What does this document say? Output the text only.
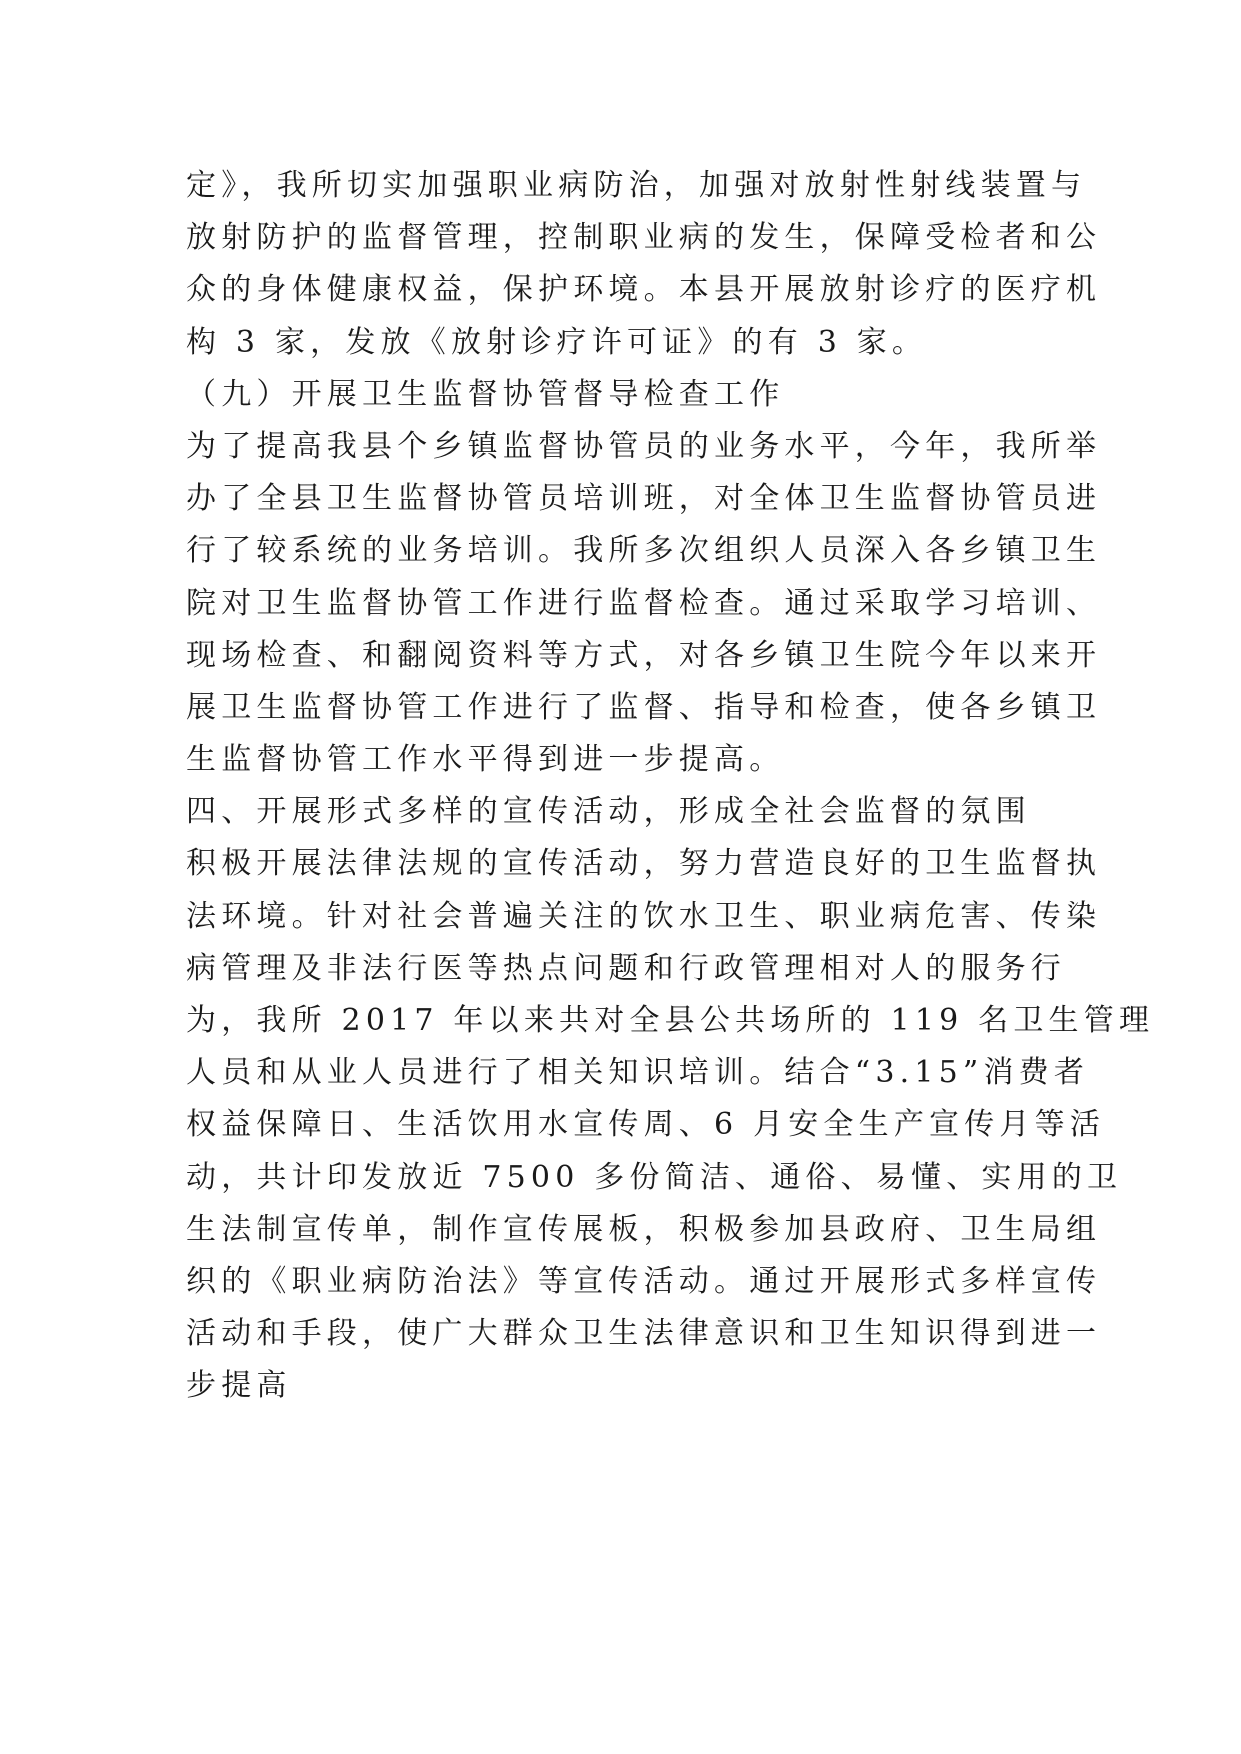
定》，我所切实加强职业病防治，加强对放射性射线装置与
放射防护的监督管理，控制职业病的发生，保障受检者和公
众的身体健康权益，保护环境。本县开展放射诊疗的医疗机
构 3 家，发放《放射诊疗许可证》的有 3 家。
（九）开展卫生监督协管督导检查工作
为了提高我县个乡镇监督协管员的业务水平，今年，我所举
办了全县卫生监督协管员培训班，对全体卫生监督协管员进
行了较系统的业务培训。我所多次组织人员深入各乡镇卫生
院对卫生监督协管工作进行监督检查。通过采取学习培训、
现场检查、和翻阅资料等方式，对各乡镇卫生院今年以来开
展卫生监督协管工作进行了监督、指导和检查，使各乡镇卫
生监督协管工作水平得到进一步提高。
四、开展形式多样的宣传活动，形成全社会监督的氛围
积极开展法律法规的宣传活动，努力营造良好的卫生监督执
法环境。针对社会普遍关注的饮水卫生、职业病危害、传染
病管理及非法行医等热点问题和行政管理相对人的服务行
为，我所 2017 年以来共对全县公共场所的 119 名卫生管理
人员和从业人员进行了相关知识培训。结合“3.15”消费者
权益保障日、生活饮用水宣传周、6 月安全生产宣传月等活
动，共计印发放近 7500 多份简洁、通俗、易懂、实用的卫
生法制宣传单，制作宣传展板，积极参加县政府、卫生局组
织的《职业病防治法》等宣传活动。通过开展形式多样宣传
活动和手段，使广大群众卫生法律意识和卫生知识得到进一
步提高
